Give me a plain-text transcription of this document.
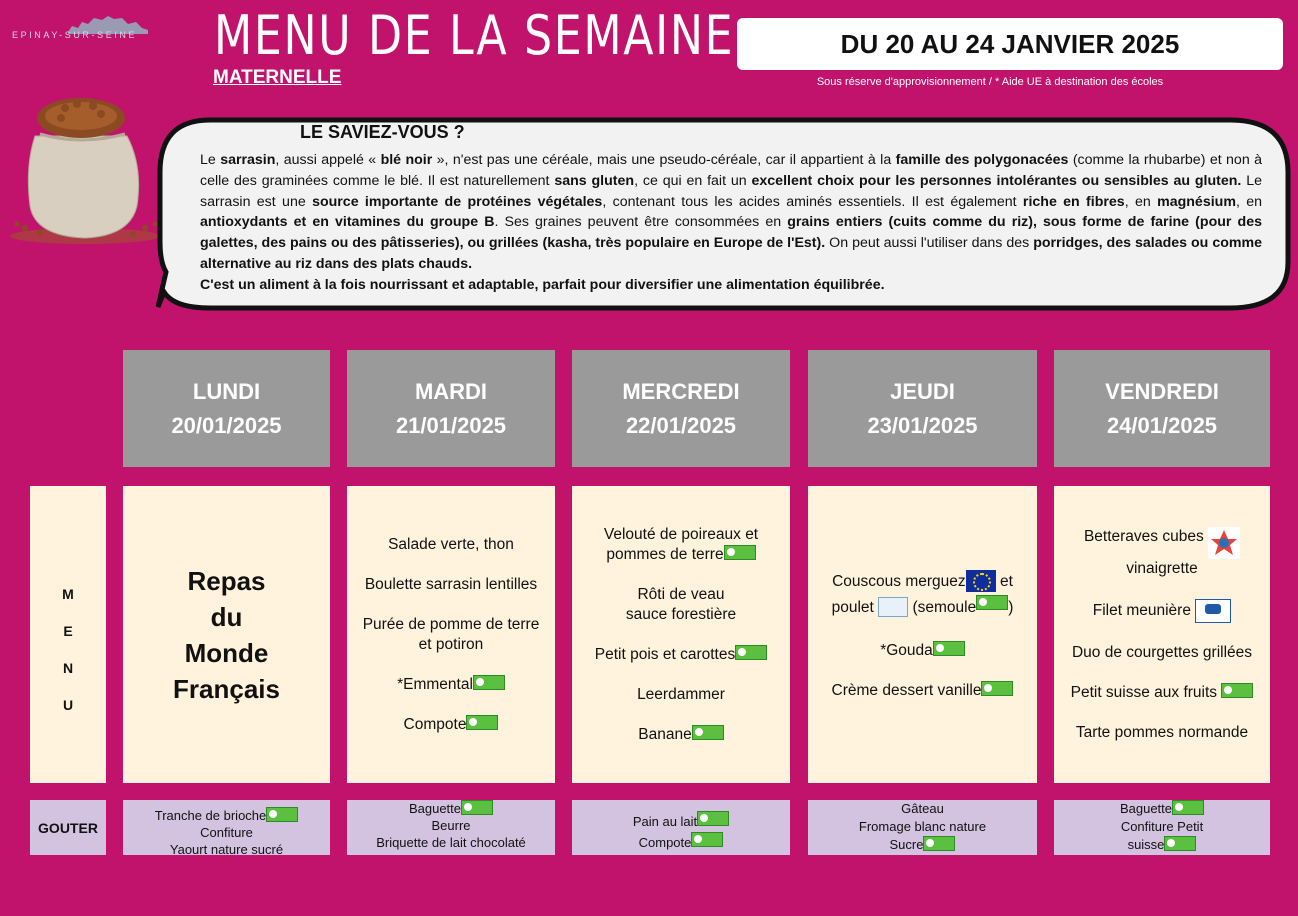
EPINAY-SUR-SEINE MENU DE LA SEMAINE
MATERNELLE
DU 20 AU 24 JANVIER 2025
Sous réserve d'approvisionnement / * Aide UE à destination des écoles
LE SAVIEZ-VOUS ?
Le sarrasin, aussi appelé « blé noir », n'est pas une céréale, mais une pseudo-céréale, car il appartient à la famille des polygonacées (comme la rhubarbe) et non à celle des graminées comme le blé. Il est naturellement sans gluten, ce qui en fait un excellent choix pour les personnes intolérantes ou sensibles au gluten. Le sarrasin est une source importante de protéines végétales, contenant tous les acides aminés essentiels. Il est également riche en fibres, en magnésium, en antioxydants et en vitamines du groupe B. Ses graines peuvent être consommées en grains entiers (cuits comme du riz), sous forme de farine (pour des galettes, des pains ou des pâtisseries), ou grillées (kasha, très populaire en Europe de l'Est). On peut aussi l'utiliser dans des porridges, des salades ou comme alternative au riz dans des plats chauds.
C'est un aliment à la fois nourrissant et adaptable, parfait pour diversifier une alimentation équilibrée.
LUNDI
20/01/2025
MARDI
21/01/2025
MERCREDI
22/01/2025
JEUDI
23/01/2025
VENDREDI
24/01/2025
M
E
N
U
Repas
du
Monde
Français
Salade verte, thon
Boulette sarrasin lentilles
Purée de pomme de terre et potiron
*Emmental
Compote
Velouté de poireaux et pommes de terre
Rôti de veau
sauce forestière
Petit pois et carottes
Leerdammer
Banane
Couscous merguez et
poulet (semoule )
*Gouda
Crème dessert vanille
Betteraves cubes
vinaigrette
Filet meunière
Duo de courgettes grillées
Petit suisse aux fruits
Tarte pommes normande
GOUTER
Tranche de brioche
Confiture
Yaourt nature sucré
Baguette
Beurre
Briquette de lait chocolaté
Pain au lait
Compote
Gâteau
Fromage blanc nature
Sucre
Baguette
Confiture Petit
suisse
